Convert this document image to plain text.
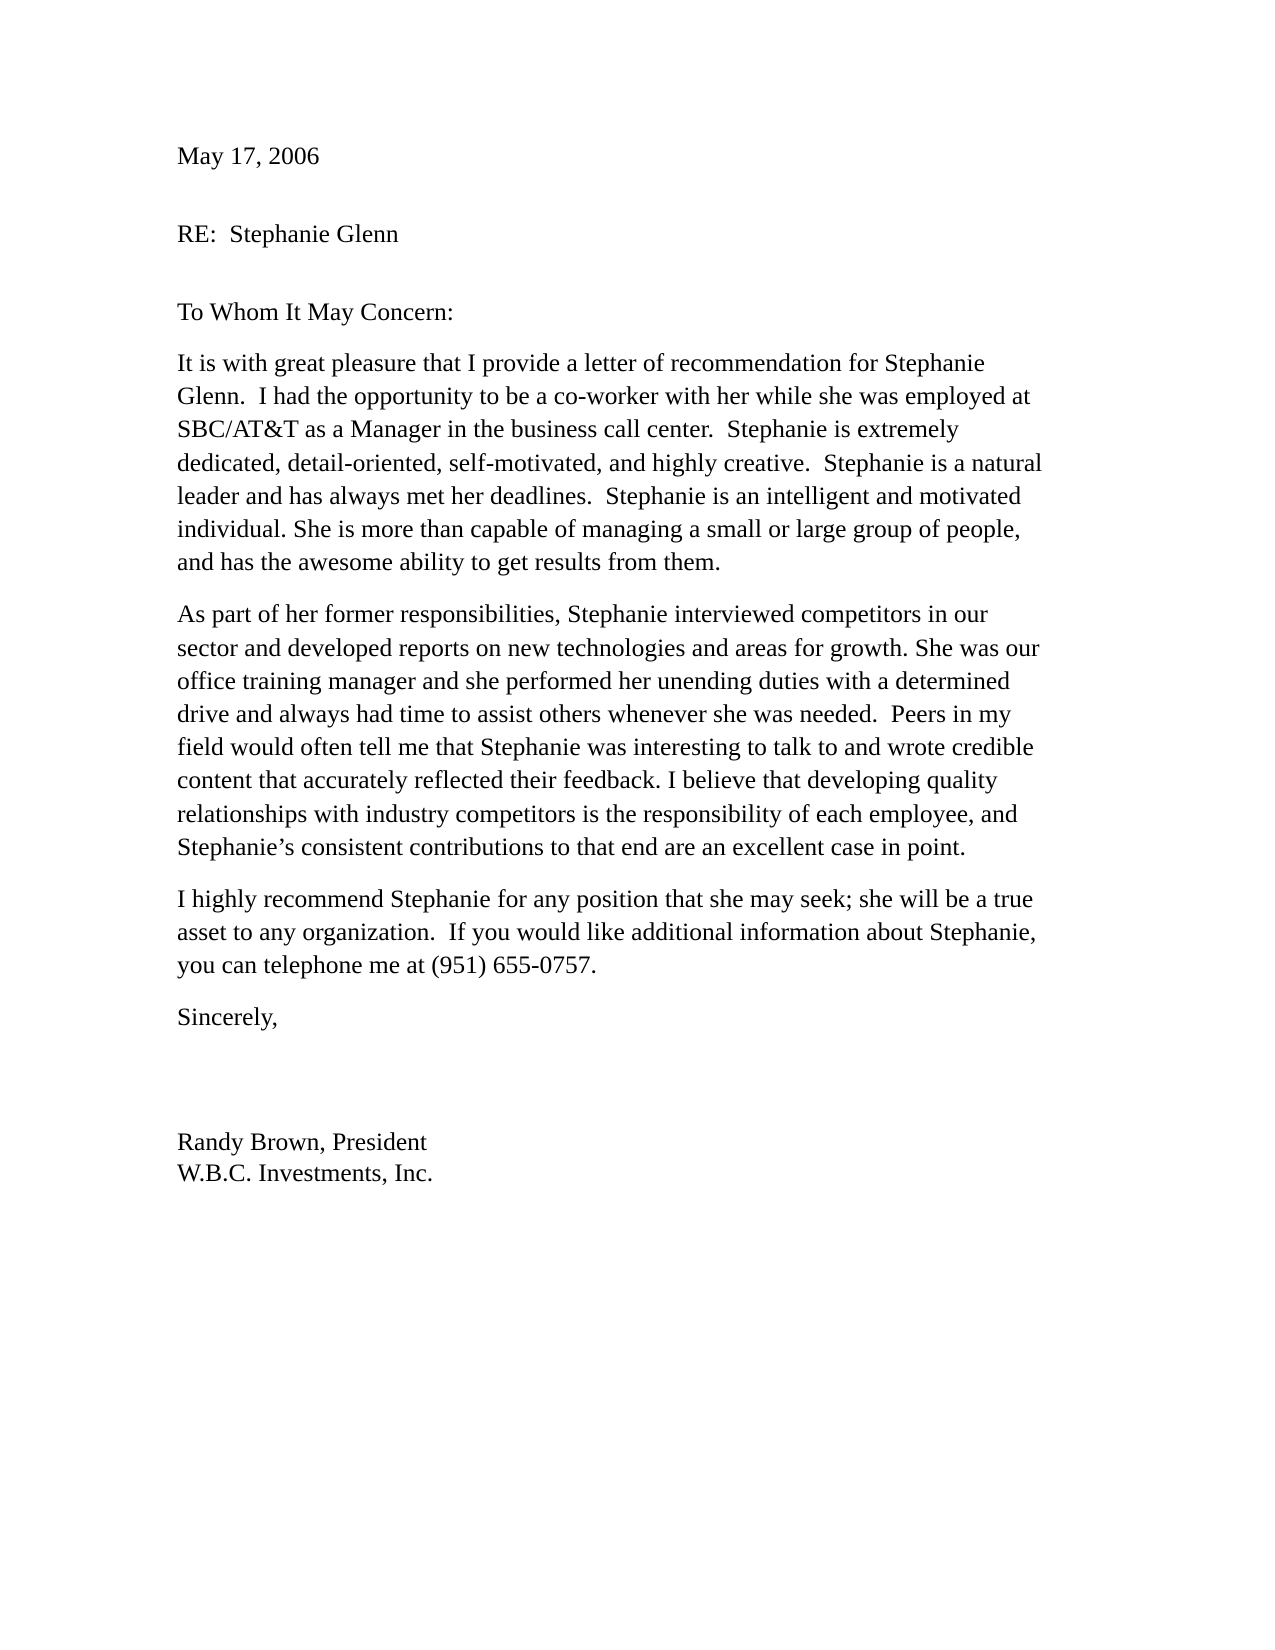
May 17, 2006
RE:  Stephanie Glenn
To Whom It May Concern:

It is with great pleasure that I provide a letter of recommendation for Stephanie Glenn.  I had the opportunity to be a co-worker with her while she was employed at SBC/AT&T as a Manager in the business call center.  Stephanie is extremely dedicated, detail-oriented, self-motivated, and highly creative.  Stephanie is a natural leader and has always met her deadlines.  Stephanie is an intelligent and motivated individual. She is more than capable of managing a small or large group of people, and has the awesome ability to get results from them.

As part of her former responsibilities, Stephanie interviewed competitors in our sector and developed reports on new technologies and areas for growth. She was our office training manager and she performed her unending duties with a determined drive and always had time to assist others whenever she was needed.  Peers in my field would often tell me that Stephanie was interesting to talk to and wrote credible content that accurately reflected their feedback. I believe that developing quality relationships with industry competitors is the responsibility of each employee, and Stephanie’s consistent contributions to that end are an excellent case in point.

I highly recommend Stephanie for any position that she may seek; she will be a true asset to any organization.  If you would like additional information about Stephanie, you can telephone me at (951) 655-0757.

Sincerely,
Randy Brown, President
W.B.C. Investments, Inc.
